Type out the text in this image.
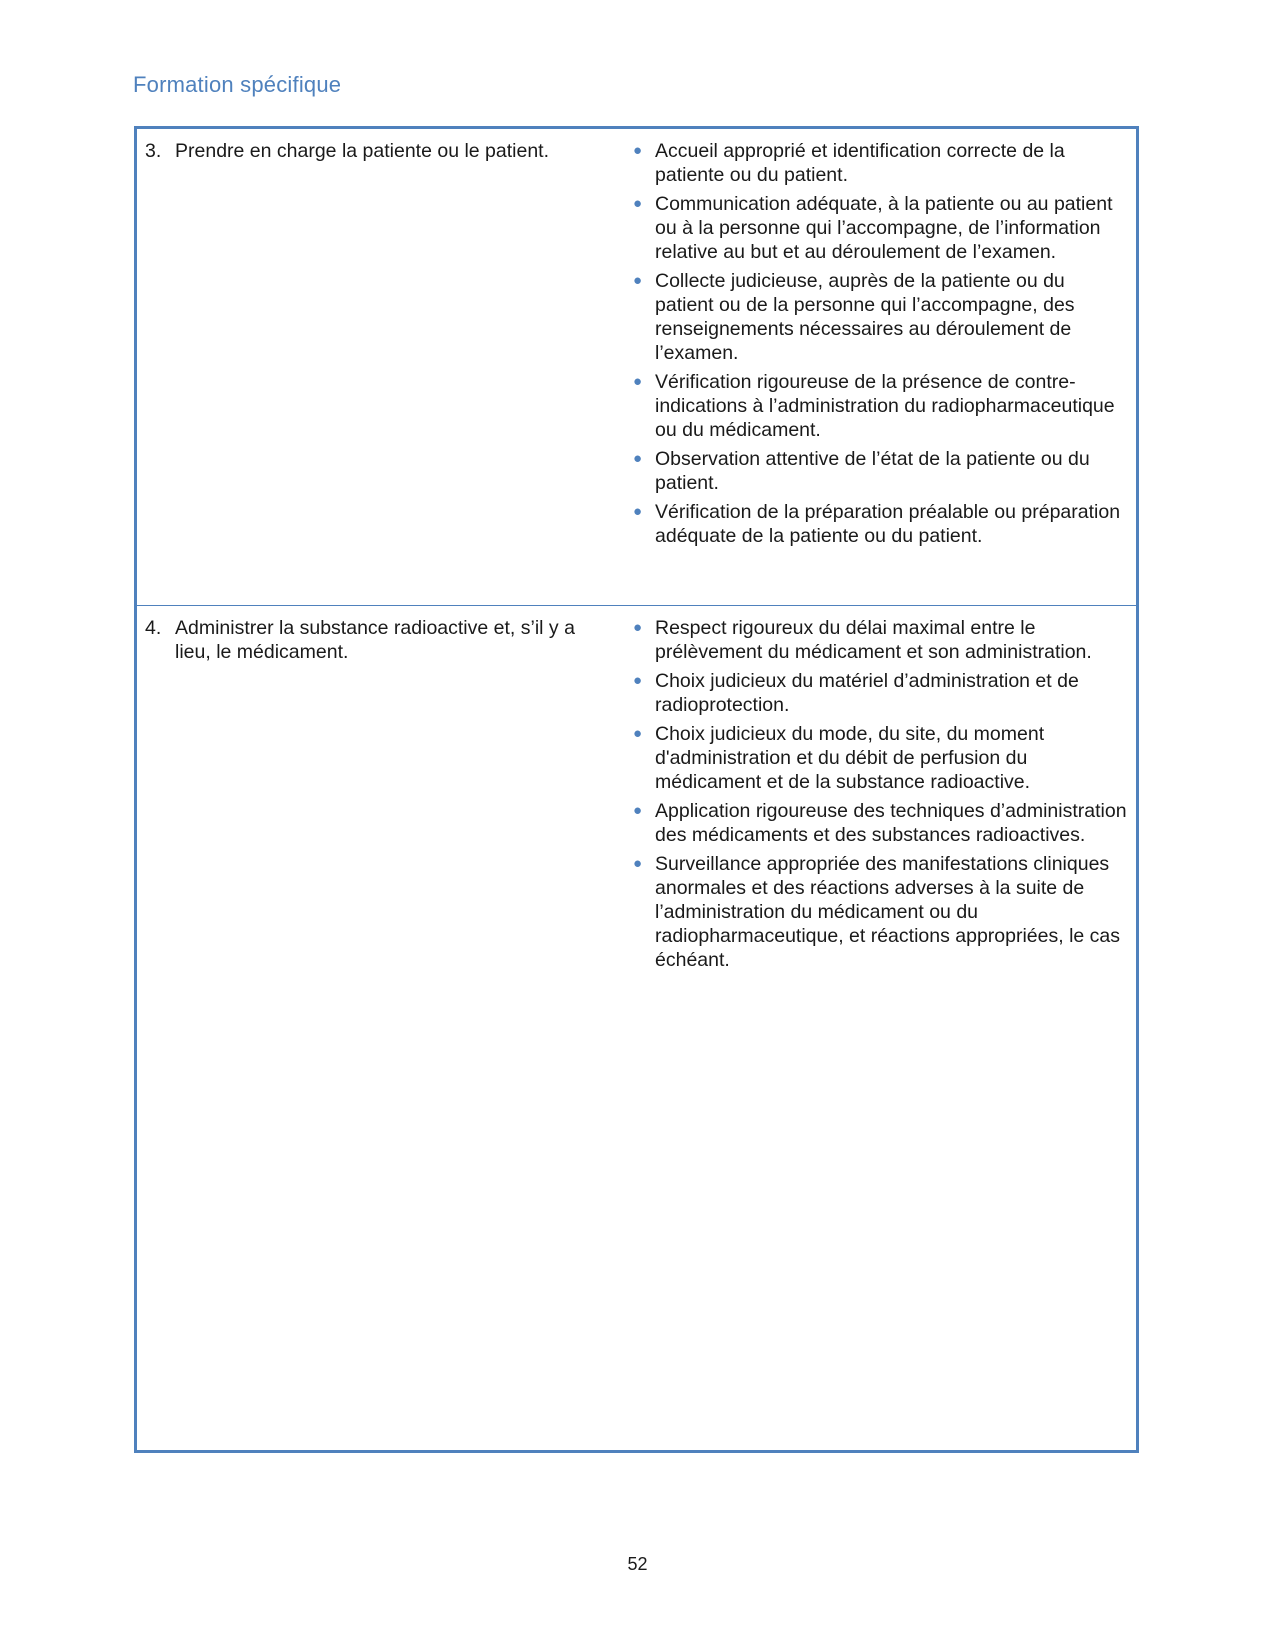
Formation spécifique
3. Prendre en charge la patiente ou le patient.	● Accueil approprié et identification correcte de la patiente ou du patient.
● Communication adéquate, à la patiente ou au patient ou à la personne qui l’accompagne, de l’information relative au but et au déroulement de l’examen.
● Collecte judicieuse, auprès de la patiente ou du patient ou de la personne qui l’accompagne, des renseignements nécessaires au déroulement de l’examen.
● Vérification rigoureuse de la présence de contre-indications à l’administration du radiopharmaceutique ou du médicament.
● Observation attentive de l’état de la patiente ou du patient.
● Vérification de la préparation préalable ou préparation adéquate de la patiente ou du patient.
4. Administrer la substance radioactive et, s’il y a lieu, le médicament.
● Respect rigoureux du délai maximal entre le prélèvement du médicament et son administration.
● Choix judicieux du matériel d’administration et de radioprotection.
● Choix judicieux du mode, du site, du moment d'administration et du débit de perfusion du médicament et de la substance radioactive.
● Application rigoureuse des techniques d’administration des médicaments et des substances radioactives.
● Surveillance appropriée des manifestations cliniques anormales et des réactions adverses à la suite de l’administration du médicament ou du radiopharmaceutique, et réactions appropriées, le cas échéant.
52
